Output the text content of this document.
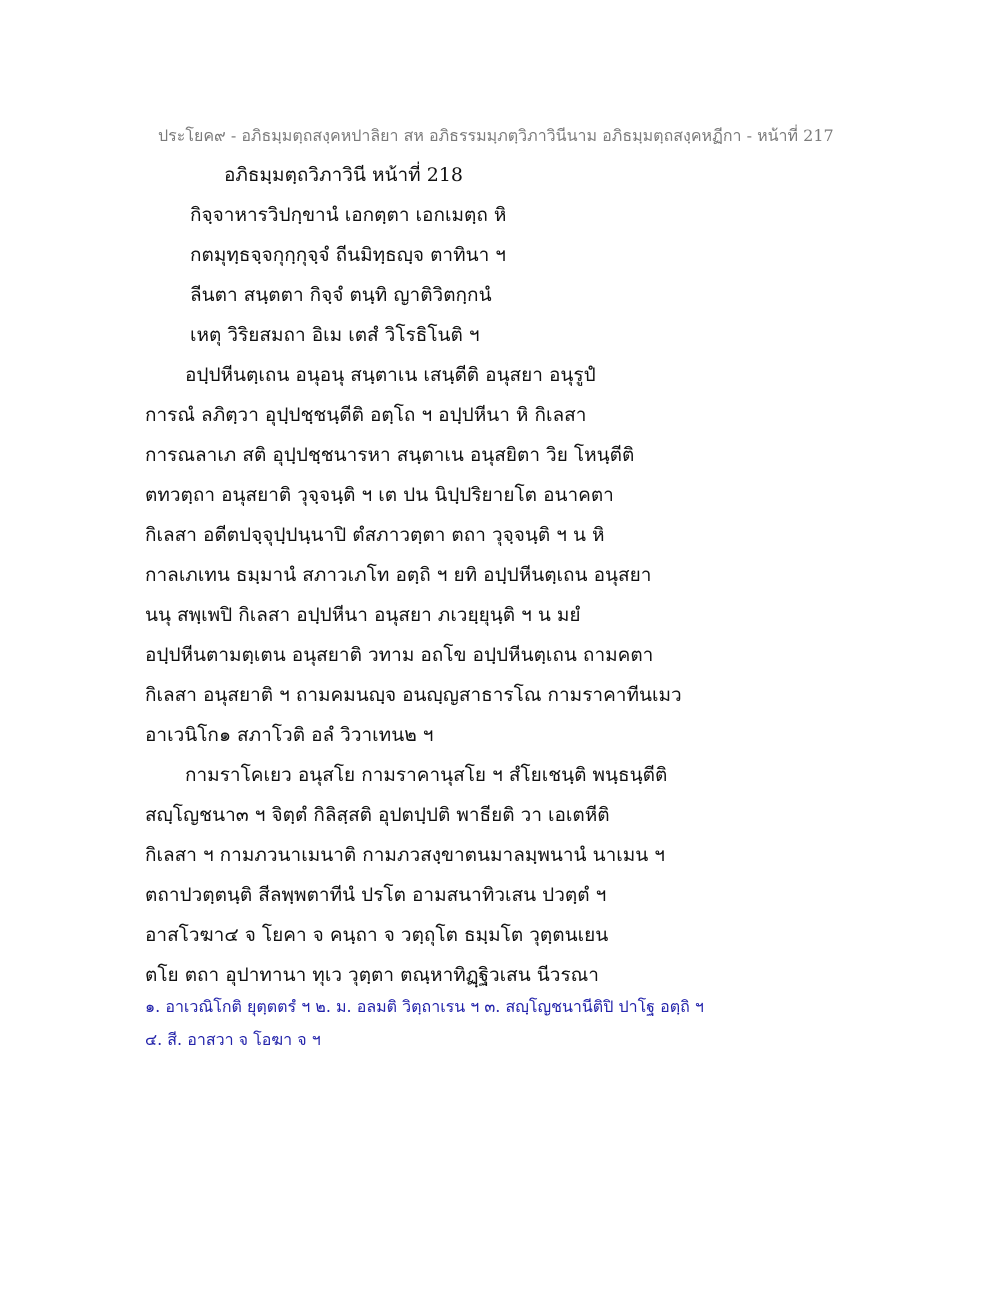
ประโยค๙ - อภิธมฺมตฺถสงฺคหปาลิยา สห อภิธรรมมฺภตฺวิภาวินีนาม อภิธมฺมตฺถสงฺคหฏีกา - หน้าที่ 217
อภิธมฺมตฺถวิภาวินี หน้าที่ 218
กิจฺจาหารวิปกฺขานํ เอกตฺตา เอกเมตฺถ หิ
กตมุทฺธจฺจกุกฺกุจฺจํ ถีนมิทฺธญฺจ ตาทินา ฯ
ลีนตา สนฺตตา กิจฺจํ ตนฺทิ ญาติวิตกฺกนํ
เหตุ วิริยสมถา อิเม เตสํ วิโรธิโนติ ฯ
อปฺปหีนตฺเถน อนุอนุ สนฺตาเน เสนฺตีติ อนุสยา อนุรูปํ
การณํ ลภิตฺวา อุปฺปชฺชนฺตีติ อตฺโถ ฯ อปฺปหีนา หิ กิเลสา
การณลาเภ สติ อุปฺปชฺชนารหา สนฺตาเน อนุสยิตา วิย โหนฺตีติ
ตทวตฺถา อนุสยาติ วุจฺจนฺติ ฯ เต ปน นิปฺปริยายโต อนาคตา
กิเลสา อตีตปจฺจุปฺปนฺนาปิ ตํสภาวตฺตา ตถา วุจฺจนฺติ ฯ น หิ
กาลเภเทน ธมฺมานํ สภาวเภโท อตฺถิ ฯ ยทิ อปฺปหีนตฺเถน อนุสยา
นนุ สพฺเพปิ กิเลสา อปฺปหีนา อนุสยา ภเวยฺยุนฺติ ฯ น มยํ
อปฺปหีนตามตฺเตน อนุสยาติ วทาม อถโข อปฺปหีนตฺเถน ถามคตา
กิเลสา อนุสยาติ ฯ ถามคมนญฺจ อนญฺญสาธารโณ กามราคาทีนเมว
อาเวนิโก๑ สภาโวติ อลํ วิวาเทน๒ ฯ
กามราโคเยว อนุสโย กามราคานุสโย ฯ สํโยเชนฺติ พนฺธนฺตีติ
สญฺโญชนา๓ ฯ จิตฺตํ กิลิสฺสติ อุปตปฺปติ พาธียติ วา เอเตหีติ
กิเลสา ฯ กามภวนาเมนาติ กามภวสงฺขาตนมาลมฺพนานํ นาเมน ฯ
ตถาปวตฺตนฺติ สีลพฺพตาทีนํ ปรโต อามสนาทิวเสน ปวตฺตํ ฯ
อาสโวฆา๔ จ โยคา จ คนฺถา จ วตฺถุโต ธมฺมโต วุตฺตนเยน
ตโย ตถา อุปาทานา ทุเว วุตฺตา ตณฺหาทิฏฺฐิวเสน นีวรณา
๑. อาเวณิโกติ ยุตฺตตรํ ฯ ๒. ม. อลมติ วิตฺถาเรน ฯ ๓. สญฺโญชนานีติปิ ปาโฐ อตฺถิ ฯ
๔. สี. อาสวา จ โอฆา จ ฯ
